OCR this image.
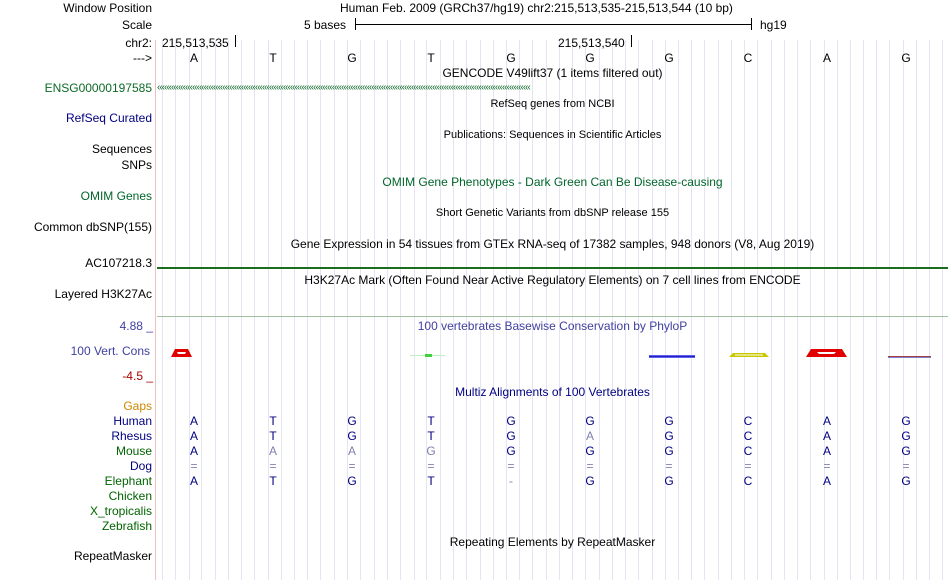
Window Position	Human Feb. 2009 (GRCh37/hg19) chr2:215,513,535-215,513,544 (10 bp)
Scale	5 bases	hg19
chr2: 215,513,535	215,513,540
--->	A	T	G	T	G	G	G	C	A	G
GENCODE V49lift37 (1 items filtered out)
ENSG00000197585 ‹‹‹‹‹‹‹‹‹‹‹‹‹‹‹‹‹‹‹‹‹‹‹‹‹‹‹‹‹‹‹‹‹‹‹‹‹‹‹‹‹‹‹‹‹‹‹‹‹‹‹‹‹‹‹‹‹‹‹‹‹‹‹‹‹‹‹‹‹‹‹‹‹‹‹‹‹‹‹‹‹‹‹‹‹‹‹‹‹‹‹‹‹‹‹‹‹‹‹‹‹‹‹‹‹‹‹‹‹‹‹‹‹‹‹‹‹‹‹‹‹‹‹‹‹‹‹‹‹‹‹‹‹‹‹‹‹‹‹‹‹‹‹‹‹‹‹‹‹‹‹‹‹‹‹‹‹‹‹‹
RefSeq genes from NCBI
RefSeq Curated
Publications: Sequences in Scientific Articles
Sequences
SNPs
OMIM Gene Phenotypes - Dark Green Can Be Disease-causing
OMIM Genes
Short Genetic Variants from dbSNP release 155
Common dbSNP(155)
Gene Expression in 54 tissues from GTEx RNA-seq of 17382 samples, 948 donors (V8, Aug 2019)
AC107218.3
H3K27Ac Mark (Often Found Near Active Regulatory Elements) on 7 cell lines from ENCODE
Layered H3K27Ac
100 vertebrates Basewise Conservation by PhyloP
4.88 _
100 Vert. Cons
-4.5 _
Multiz Alignments of 100 Vertebrates
Gaps
Human	A	T	G	T	G	G	G	C	A	G
Rhesus	A	T	G	T	G	A	G	C	A	G
Mouse	A	A	A	G	G	G	G	C	A	G
Dog	=	=	=	=	=	=	=	=	=	=
Elephant	A	T	G	T	-	G	G	C	A	G
Chicken
X_tropicalis
Zebrafish
Repeating Elements by RepeatMasker
RepeatMasker
